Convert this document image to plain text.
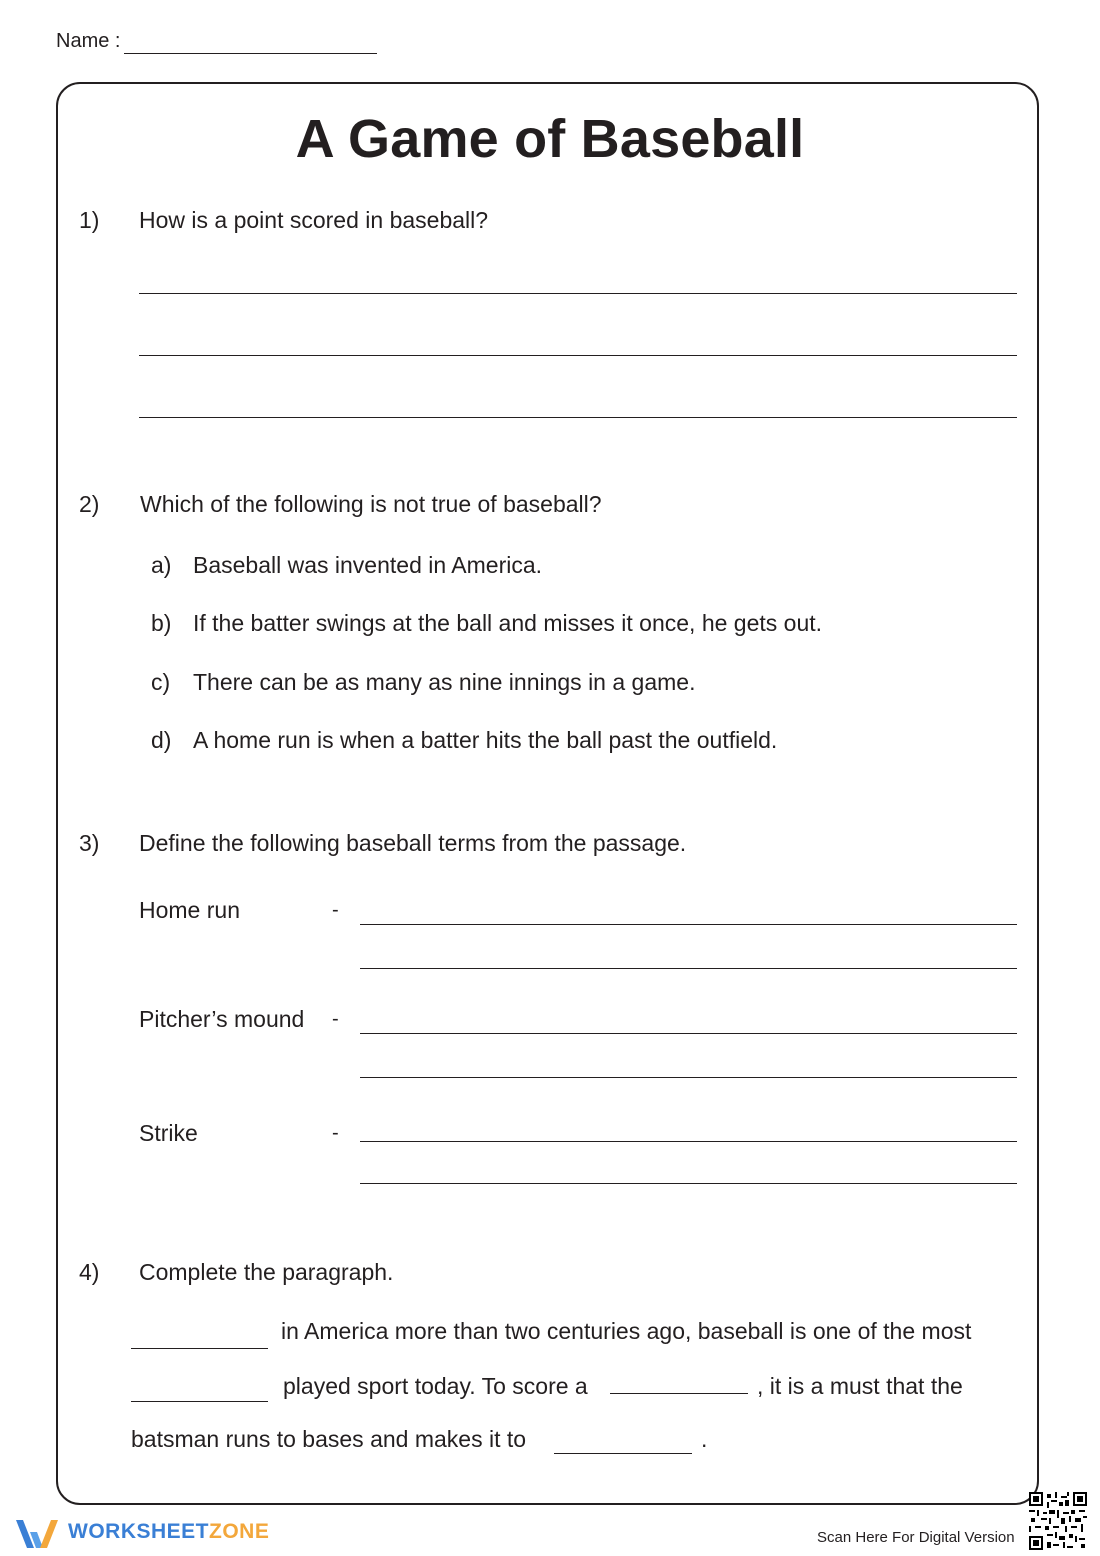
Name :
A Game of Baseball
1) How is a point scored in baseball?
2) Which of the following is not true of baseball?
a) Baseball was invented in America.
b) If the batter swings at the ball and misses it once, he gets out.
c) There can be as many as nine innings in a game.
d) A home run is when a batter hits the ball past the outfield.
3) Define the following baseball terms from the passage.
Home run	-
Pitcher’s mound -
Strike	-
4) Complete the paragraph.
in America more than two centuries ago, baseball is one of the most
played sport today. To score a	, it is a must that the
batsman runs to bases and makes it to	.
WORKSHEETZONE	Scan Here For Digital Version
